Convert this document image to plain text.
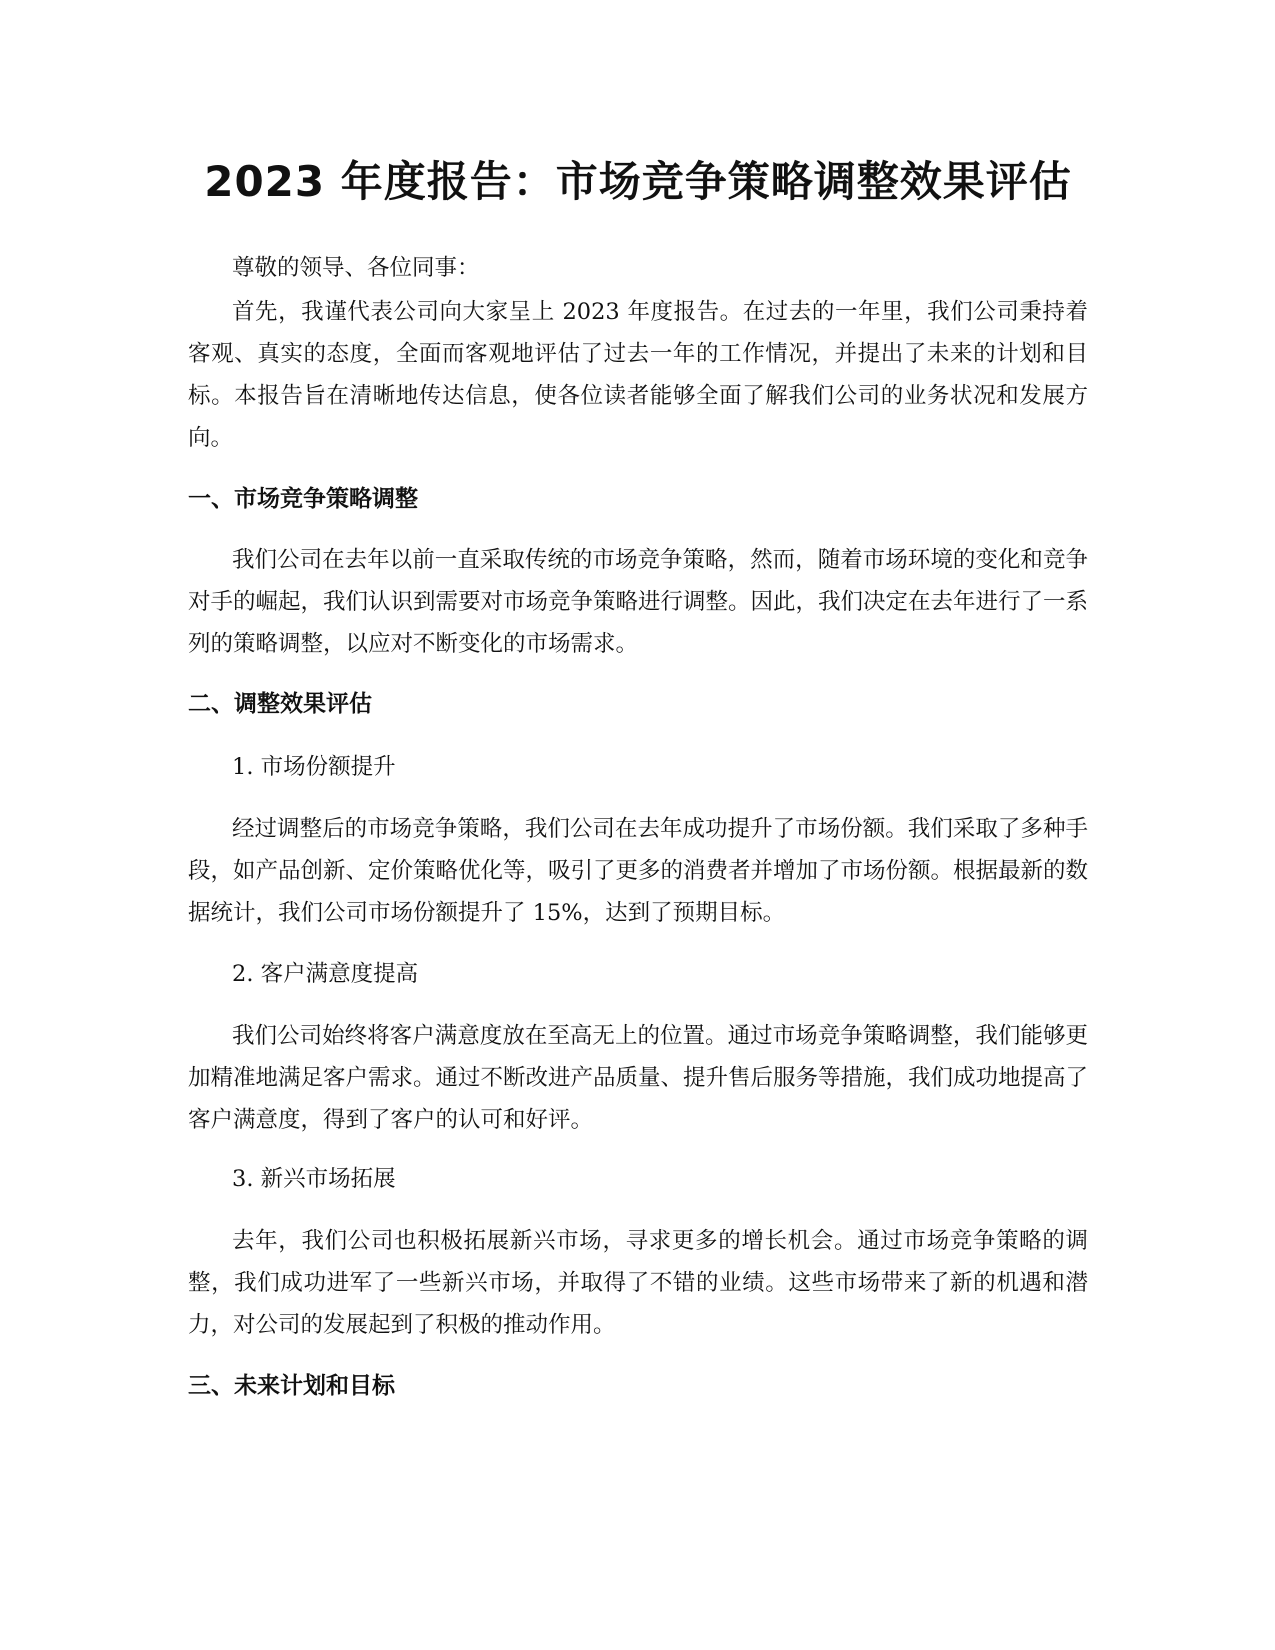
2023 年度报告：市场竞争策略调整效果评估

尊敬的领导、各位同事：

首先，我谨代表公司向大家呈上 2023 年度报告。在过去的一年里，我们公司秉持着客观、真实的态度，全面而客观地评估了过去一年的工作情况，并提出了未来的计划和目标。本报告旨在清晰地传达信息，使各位读者能够全面了解我们公司的业务状况和发展方向。

一、市场竞争策略调整

我们公司在去年以前一直采取传统的市场竞争策略，然而，随着市场环境的变化和竞争对手的崛起，我们认识到需要对市场竞争策略进行调整。因此，我们决定在去年进行了一系列的策略调整，以应对不断变化的市场需求。

二、调整效果评估

1. 市场份额提升

经过调整后的市场竞争策略，我们公司在去年成功提升了市场份额。我们采取了多种手段，如产品创新、定价策略优化等，吸引了更多的消费者并增加了市场份额。根据最新的数据统计，我们公司市场份额提升了 15%，达到了预期目标。

2. 客户满意度提高

我们公司始终将客户满意度放在至高无上的位置。通过市场竞争策略调整，我们能够更加精准地满足客户需求。通过不断改进产品质量、提升售后服务等措施，我们成功地提高了客户满意度，得到了客户的认可和好评。

3. 新兴市场拓展

去年，我们公司也积极拓展新兴市场，寻求更多的增长机会。通过市场竞争策略的调整，我们成功进军了一些新兴市场，并取得了不错的业绩。这些市场带来了新的机遇和潜力，对公司的发展起到了积极的推动作用。

三、未来计划和目标
